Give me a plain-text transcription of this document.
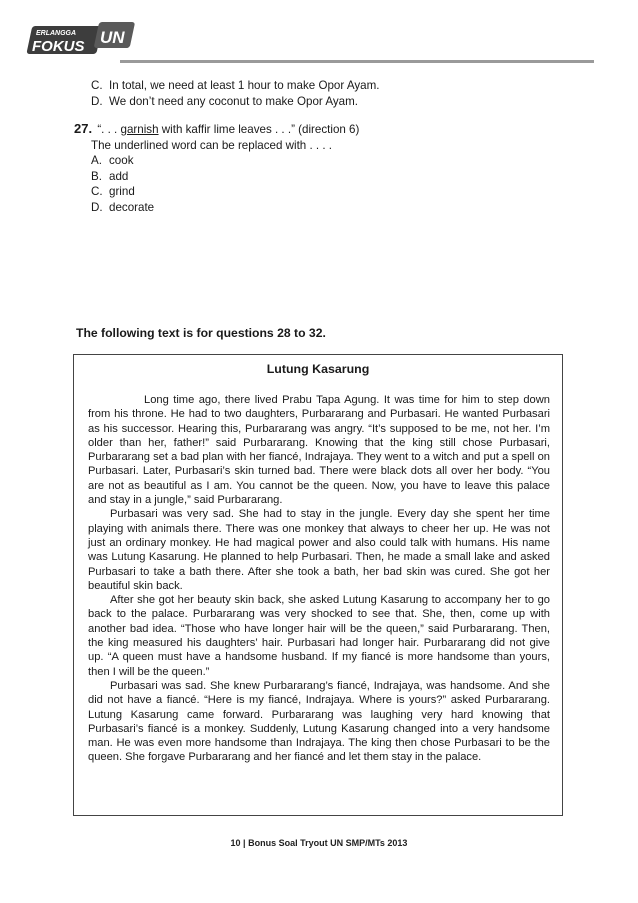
ERLANGGA
FOKUS UN
C. In total, we need at least 1 hour to make Opor Ayam.
D. We don’t need any coconut to make Opor Ayam.
27. “. . . garnish with kaffir lime leaves . . .” (direction 6)
The underlined word can be replaced with . . . .
A. cook
B. add
C. grind
D. decorate
The following text is for questions 28 to 32.
Lutung Kasarung

Long time ago, there lived Prabu Tapa Agung. It was time for him to step down from his throne. He had to two daughters, Purbararang and Purbasari. He wanted Purbasari as his successor. Hearing this, Purbararang was angry. “It’s supposed to be me, not her. I’m older than her, father!” said Purbararang. Knowing that the king still chose Purbasari, Purbararang set a bad plan with her fiancé, Indrajaya. They went to a witch and put a spell on Purbasari. Later, Purbasari’s skin turned bad. There were black dots all over her body. “You are not as beautiful as I am. You cannot be the queen. Now, you have to leave this palace and stay in a jungle,” said Purbararang.

Purbasari was very sad. She had to stay in the jungle. Every day she spent her time playing with animals there. There was one monkey that always to cheer her up. He was not just an ordinary monkey. He had magical power and also could talk with humans. His name was Lutung Kasarung. He planned to help Purbasari. Then, he made a small lake and asked Purbasari to take a bath there. After she took a bath, her bad skin was cured. She got her beautiful skin back.

After she got her beauty skin back, she asked Lutung Kasarung to accompany her to go back to the palace. Purbararang was very shocked to see that. She, then, come up with another bad idea. “Those who have longer hair will be the queen,” said Purbararang. Then, the king measured his daughters’ hair. Purbasari had longer hair. Purbararang did not give up. “A queen must have a handsome husband. If my fiancé is more handsome than yours, then I will be the queen.”

Purbasari was sad. She knew Purbararang’s fiancé, Indrajaya, was handsome. And she did not have a fiancé. “Here is my fiancé, Indrajaya. Where is yours?” asked Purbararang. Lutung Kasarung came forward. Purbararang was laughing very hard knowing that Purbasari’s fiancé is a monkey. Suddenly, Lutung Kasarung changed into a very handsome man. He was even more handsome than Indrajaya. The king then chose Purbasari to be the queen. She forgave Purbararang and her fiancé and let them stay in the palace.

10 | Bonus Soal Tryout UN SMP/MTs 2013
